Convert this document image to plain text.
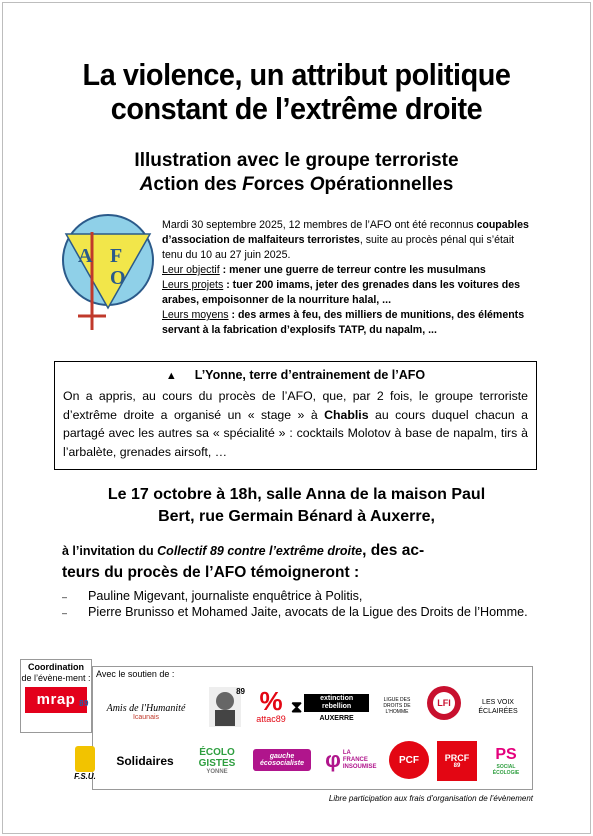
La violence, un attribut politique
constant de l’extrême droite
Illustration avec le groupe terroriste
Action des Forces Opérationnelles
A F
O
Mardi 30 septembre 2025, 12 membres de l’AFO ont été reconnus coupables d’association de malfaiteurs terroristes, suite au procès pénal qui s’était tenu du 10 au 27 juin 2025.
Leur objectif : mener une guerre de terreur contre les musulmans
Leurs projets : tuer 200 imams, jeter des grenades dans les voitures des arabes, empoisonner de la nourriture halal, ...
Leurs moyens : des armes à feu, des milliers de munitions, des éléments servant à la fabrication d’explosifs TATP, du napalm, ...
▲ L’Yonne, terre d’entrainement de l’AFO
On a appris, au cours du procès de l’AFO, que, par 2 fois, le groupe terroriste d’extrême droite a organisé un « stage » à Chablis au cours duquel chacun a partagé avec les autres sa « spécialité » : cocktails Molotov à base de napalm, tirs à l’arbalète, grenades airsoft, …
Le 17 octobre à 18h, salle Anna de la maison Paul
Bert, rue Germain Bénard à Auxerre,
à l’invitation du Collectif 89 contre l’extrême droite, des ac-
teurs du procès de l’AFO témoigneront :
– Pauline Migevant, journaliste enquêtrice à Politis,
– Pierre Brunisso et Mohamed Jaite, avocats de la Ligue des Droits de l’Homme.
Coordination
de l’évène-ment :
mrap 89
Avec le soutien de :
Amis de l'Humanité
Icaunais
89 %
attac89
⧗
extinction rebellion
AUXERRE
LIGUE DES DROITS DE L'HOMME
LFI	LES VOIX ÉCLAIRÉES
F.S.U.
Solidaires
ÉCOLO GISTES
YONNE
gauche écosocialiste φ LA FRANCE INSOUMISE
PCF	PRCF
89
PS
SOCIAL ÉCOLOGIE
Libre participation aux frais d’organisation de l’évènement
